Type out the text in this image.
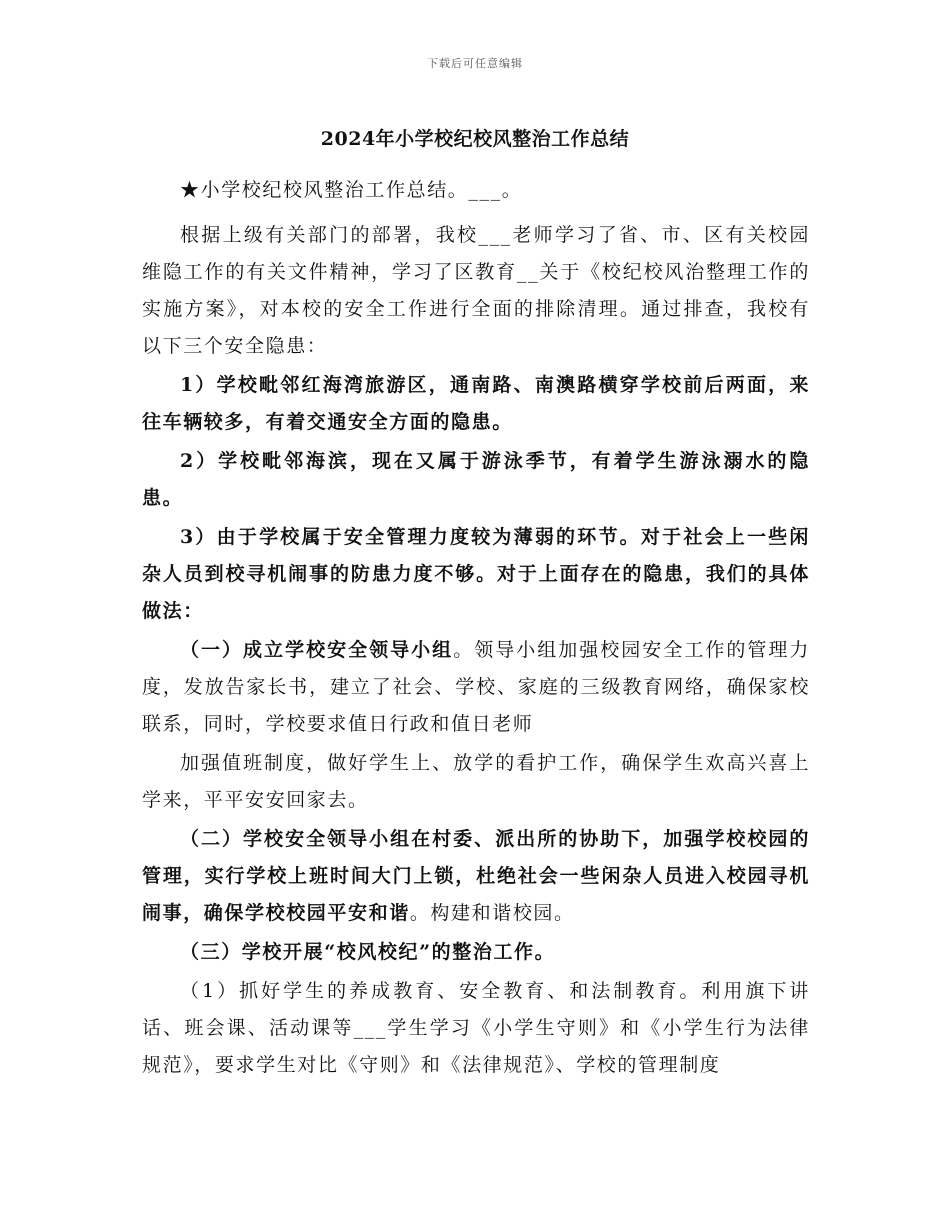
下载后可任意编辑
2024年小学校纪校风整治工作总结

★小学校纪校风整治工作总结。___。

根据上级有关部门的部署，我校___老师学习了省、市、区有关校园维隐工作的有关文件精神，学习了区教育__关于《校纪校风治整理工作的实施方案》，对本校的安全工作进行全面的排除清理。通过排查，我校有以下三个安全隐患：

1）学校毗邻红海湾旅游区，通南路、南澳路横穿学校前后两面，来往车辆较多，有着交通安全方面的隐患。

2）学校毗邻海滨，现在又属于游泳季节，有着学生游泳溺水的隐患。

3）由于学校属于安全管理力度较为薄弱的环节。对于社会上一些闲杂人员到校寻机闹事的防患力度不够。对于上面存在的隐患，我们的具体做法：

（一）成立学校安全领导小组。领导小组加强校园安全工作的管理力度，发放告家长书，建立了社会、学校、家庭的三级教育网络，确保家校联系，同时，学校要求值日行政和值日老师

加强值班制度，做好学生上、放学的看护工作，确保学生欢高兴喜上学来，平平安安回家去。

（二）学校安全领导小组在村委、派出所的协助下，加强学校校园的管理，实行学校上班时间大门上锁，杜绝社会一些闲杂人员进入校园寻机闹事，确保学校校园平安和谐。构建和谐校园。

（三）学校开展“校风校纪”的整治工作。

（1）抓好学生的养成教育、安全教育、和法制教育。利用旗下讲话、班会课、活动课等___学生学习《小学生守则》和《小学生行为法律规范》，要求学生对比《守则》和《法律规范》、学校的管理制度
